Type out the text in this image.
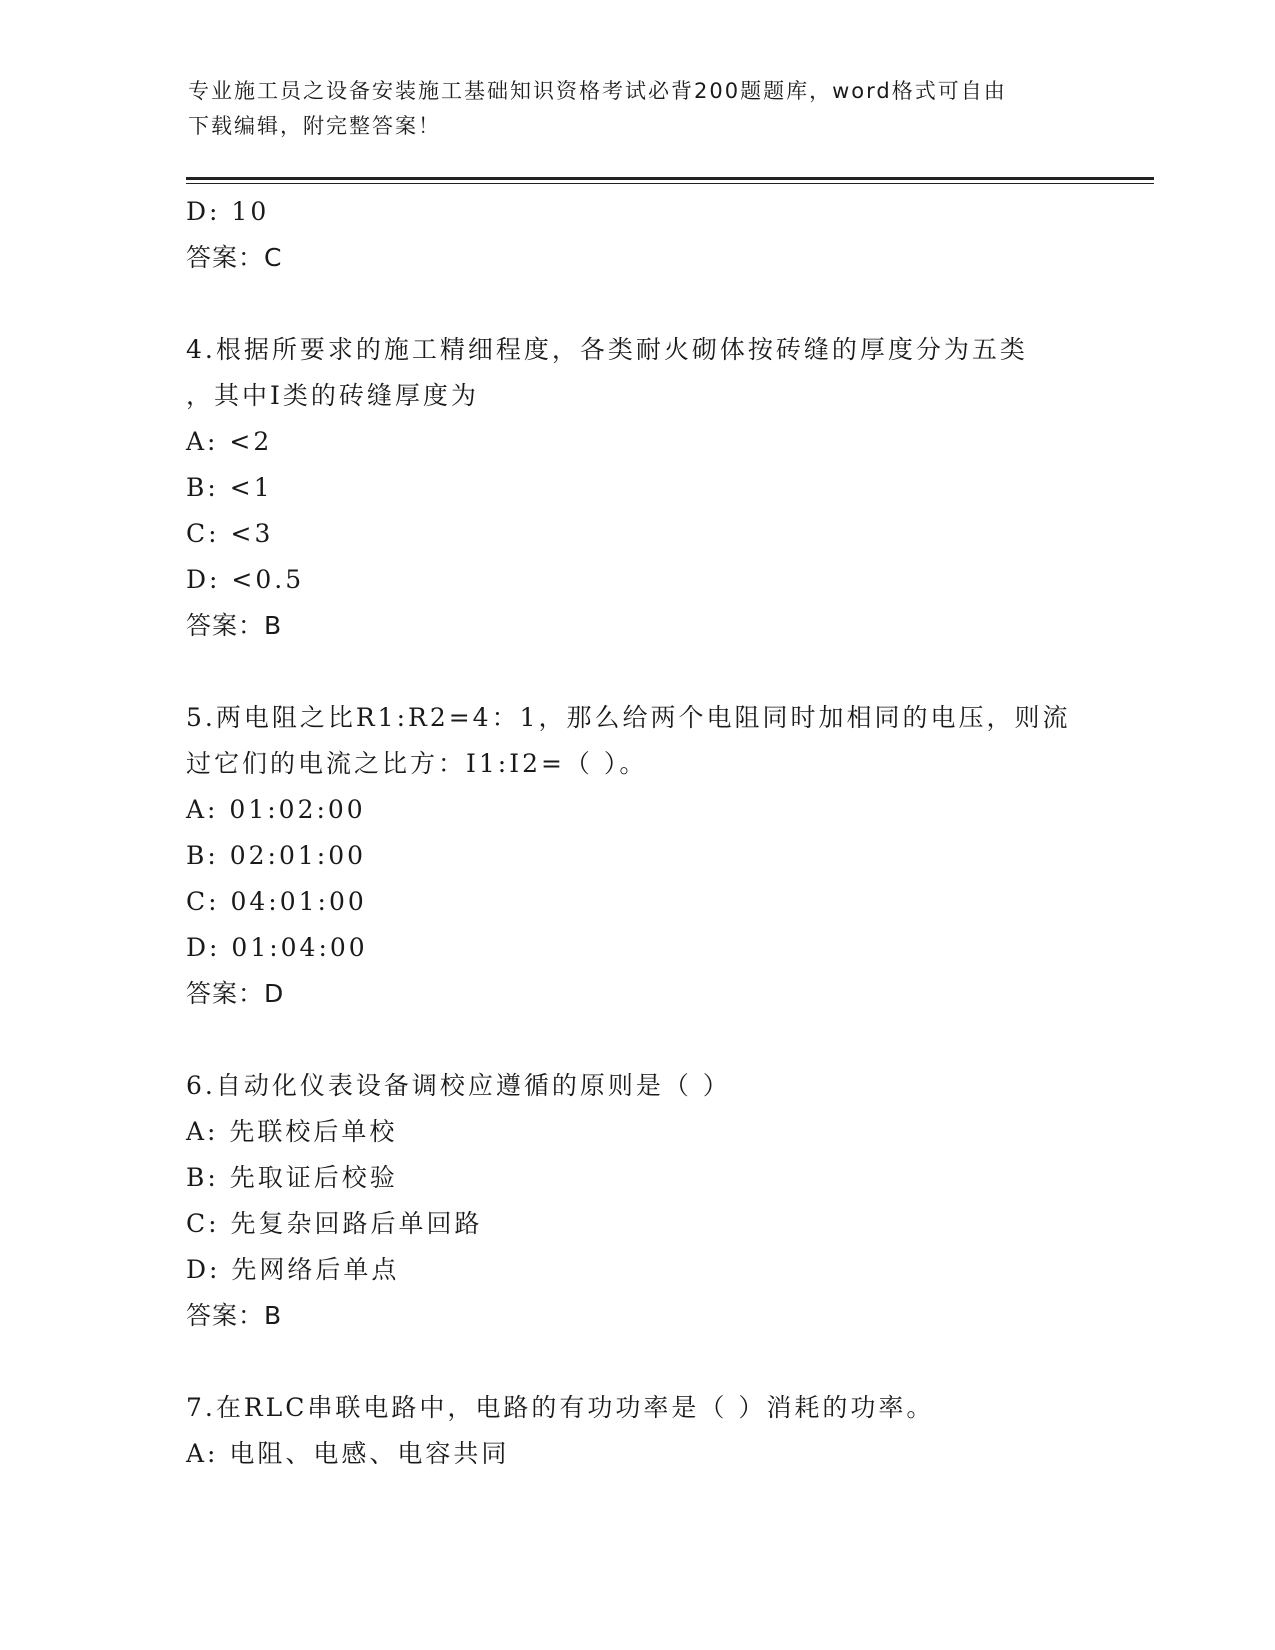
专业施工员之设备安装施工基础知识资格考试必背200题题库，word格式可自由
下载编辑，附完整答案！
D: 10
答案：C
4.根据所要求的施工精细程度，各类耐火砌体按砖缝的厚度分为五类
，其中Ⅰ类的砖缝厚度为
A: <2
B: <1
C: <3
D: <0.5
答案：B
5.两电阻之比R1:R2=4：1，那么给两个电阻同时加相同的电压，则流
过它们的电流之比方：I1:I2=（ ）。
A: 01:02:00
B: 02:01:00
C: 04:01:00
D: 01:04:00
答案：D
6.自动化仪表设备调校应遵循的原则是（ ）
A: 先联校后单校
B: 先取证后校验
C: 先复杂回路后单回路
D: 先网络后单点
答案：B
7.在RLC串联电路中，电路的有功功率是（ ）消耗的功率。
A: 电阻、电感、电容共同
